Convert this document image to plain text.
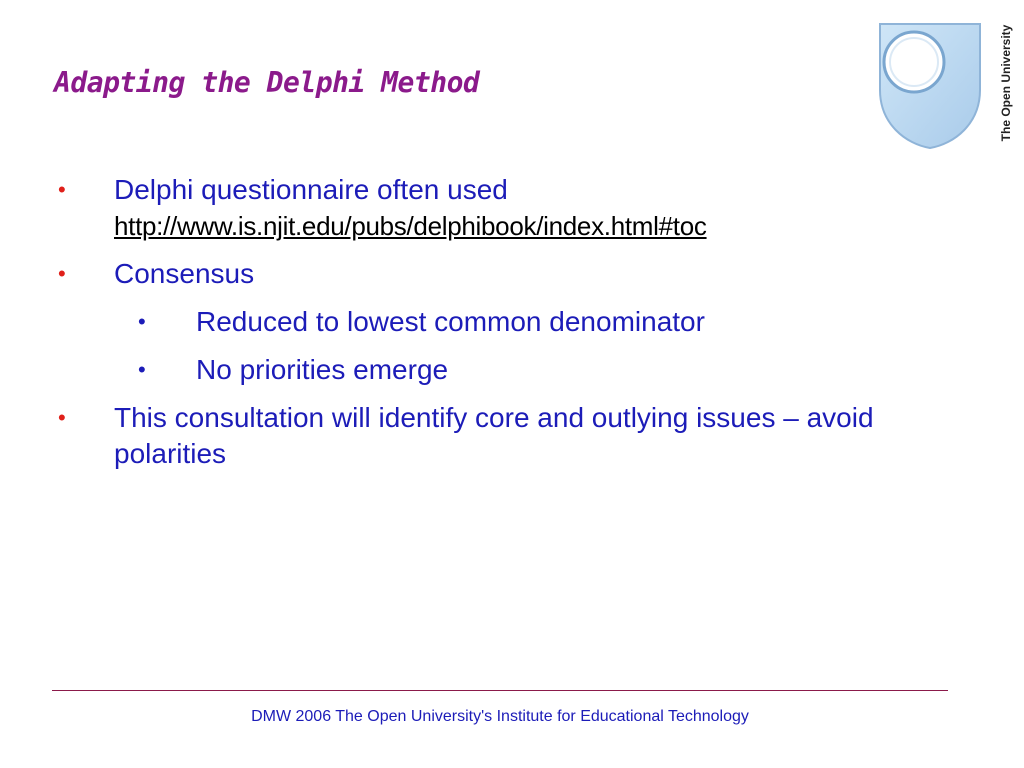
Adapting the Delphi Method	The Open University
• Delphi questionnaire often used
http://www.is.njit.edu/pubs/delphibook/index.html#toc
• Consensus
• Reduced to lowest common denominator
• No priorities emerge
• This consultation will identify core and outlying issues – avoid polarities
DMW 2006 The Open University's Institute for Educational Technology
